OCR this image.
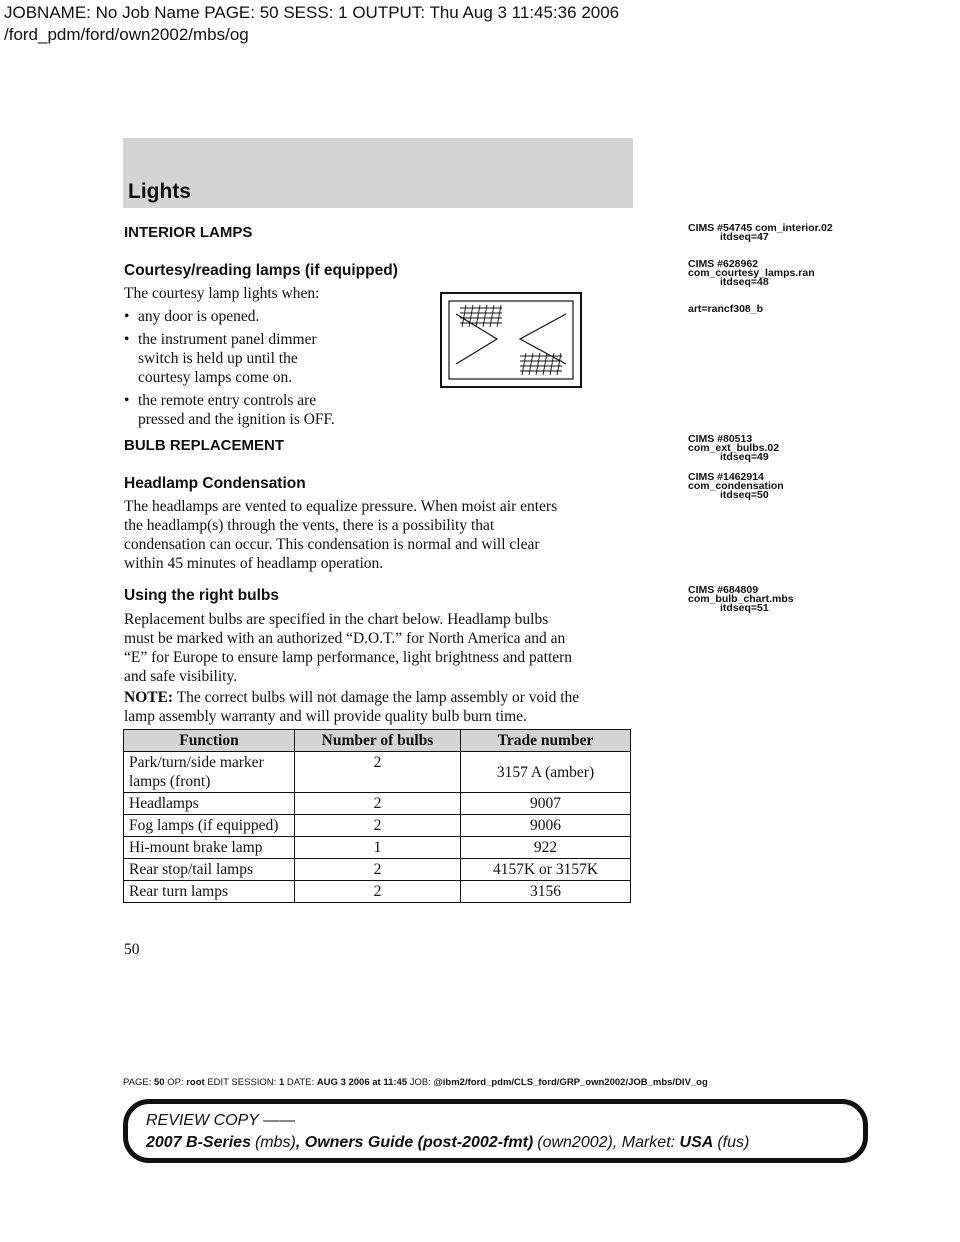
JOBNAME: No Job Name PAGE: 50 SESS: 1 OUTPUT: Thu Aug 3 11:45:36 2006
/ford_pdm/ford/own2002/mbs/og
Lights
INTERIOR LAMPS	CIMS #54745 com_interior.02
itdseq=47
Courtesy/reading lamps (if equipped)	CIMS #628962
com_courtesy_lamps.ran
itdseq=48
art=rancf308_b
The courtesy lamp lights when:
• any door is opened.
• the instrument panel dimmer
switch is held up until the
courtesy lamps come on.
• the remote entry controls are
pressed and the ignition is OFF.
BULB REPLACEMENT	CIMS #80513
com_ext_bulbs.02
itdseq=49
Headlamp Condensation	CIMS #1462914
com_condensation
itdseq=50
The headlamps are vented to equalize pressure. When moist air enters
the headlamp(s) through the vents, there is a possibility that
condensation can occur. This condensation is normal and will clear
within 45 minutes of headlamp operation.
Using the right bulbs	CIMS #684809
com_bulb_chart.mbs
itdseq=51
Replacement bulbs are specified in the chart below. Headlamp bulbs
must be marked with an authorized “D.O.T.” for North America and an
“E” for Europe to ensure lamp performance, light brightness and pattern
and safe visibility.
NOTE: The correct bulbs will not damage the lamp assembly or void the
lamp assembly warranty and will provide quality bulb burn time.
Function	Number of bulbs	Trade number
Park/turn/side marker lamps (front)	2	3157 A (amber)
Headlamps	2	9007
Fog lamps (if equipped)	2	9006
Hi-mount brake lamp	1	922
Rear stop/tail lamps	2	4157K or 3157K
Rear turn lamps	2	3156
50
PAGE: 50 OP: root EDIT SESSION: 1 DATE: AUG 3 2006 at 11:45 JOB: @ibm2/ford_pdm/CLS_ford/GRP_own2002/JOB_mbs/DIV_og
REVIEW COPY ——
2007 B-Series (mbs), Owners Guide (post-2002-fmt) (own2002), Market: USA (fus)
